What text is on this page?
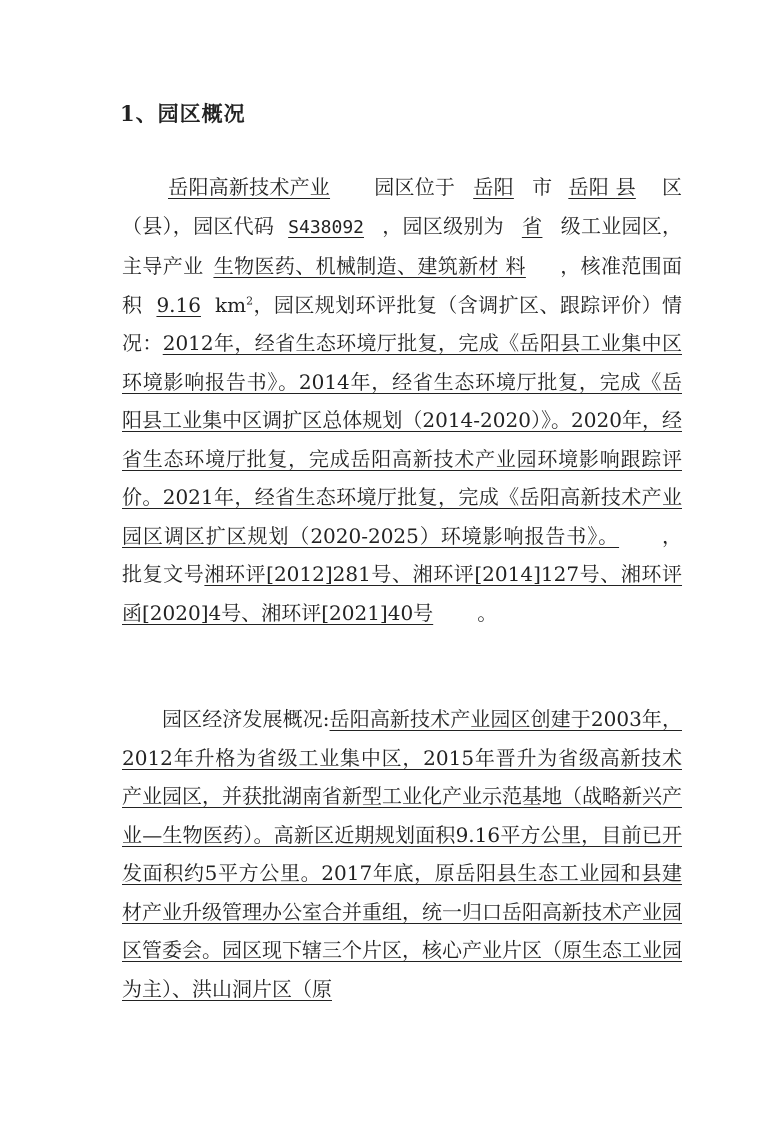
1、园区概况
岳阳高新技术产业 园区位于 岳阳 市 岳阳 县 区（县），园区代码 S438092 ，园区级别为 省 级工业园区，主导产业 生物医药、机械制造、建筑新材 料 ，核准范围面积 9.16 $km^2$，园区规划环评批复（含调扩区、跟踪评价）情况：2012年，经省生态环境厅批复，完成《岳阳县工业集中区环境影响报告书》。2014年，经省生态环境厅批复，完成《岳阳县工业集中区调扩区总体规划（2014-2020）》。2020年，经省生态环境厅批复，完成岳阳高新技术产业园环境影响跟踪评价。2021年，经省生态环境厅批复，完成《岳阳高新技术产业园区调区扩区规划（2020-2025）环境影响报告书》。 ，批复文号湘环评[2012]281号、湘环评[2014]127号、湘环评函[2020]4号、湘环评[2021]40号 。
园区经济发展概况:岳阳高新技术产业园区创建于2003年，2012年升格为省级工业集中区，2015年晋升为省级高新技术产业园区，并获批湖南省新型工业化产业示范基地（战略新兴产业—生物医药）。高新区近期规划面积9.16平方公里，目前已开发面积约5平方公里。2017年底，原岳阳县生态工业园和县建材产业升级管理办公室合并重组，统一归口岳阳高新技术产业园区管委会。园区现下辖三个片区，核心产业片区（原生态工业园为主）、洪山洞片区（原
